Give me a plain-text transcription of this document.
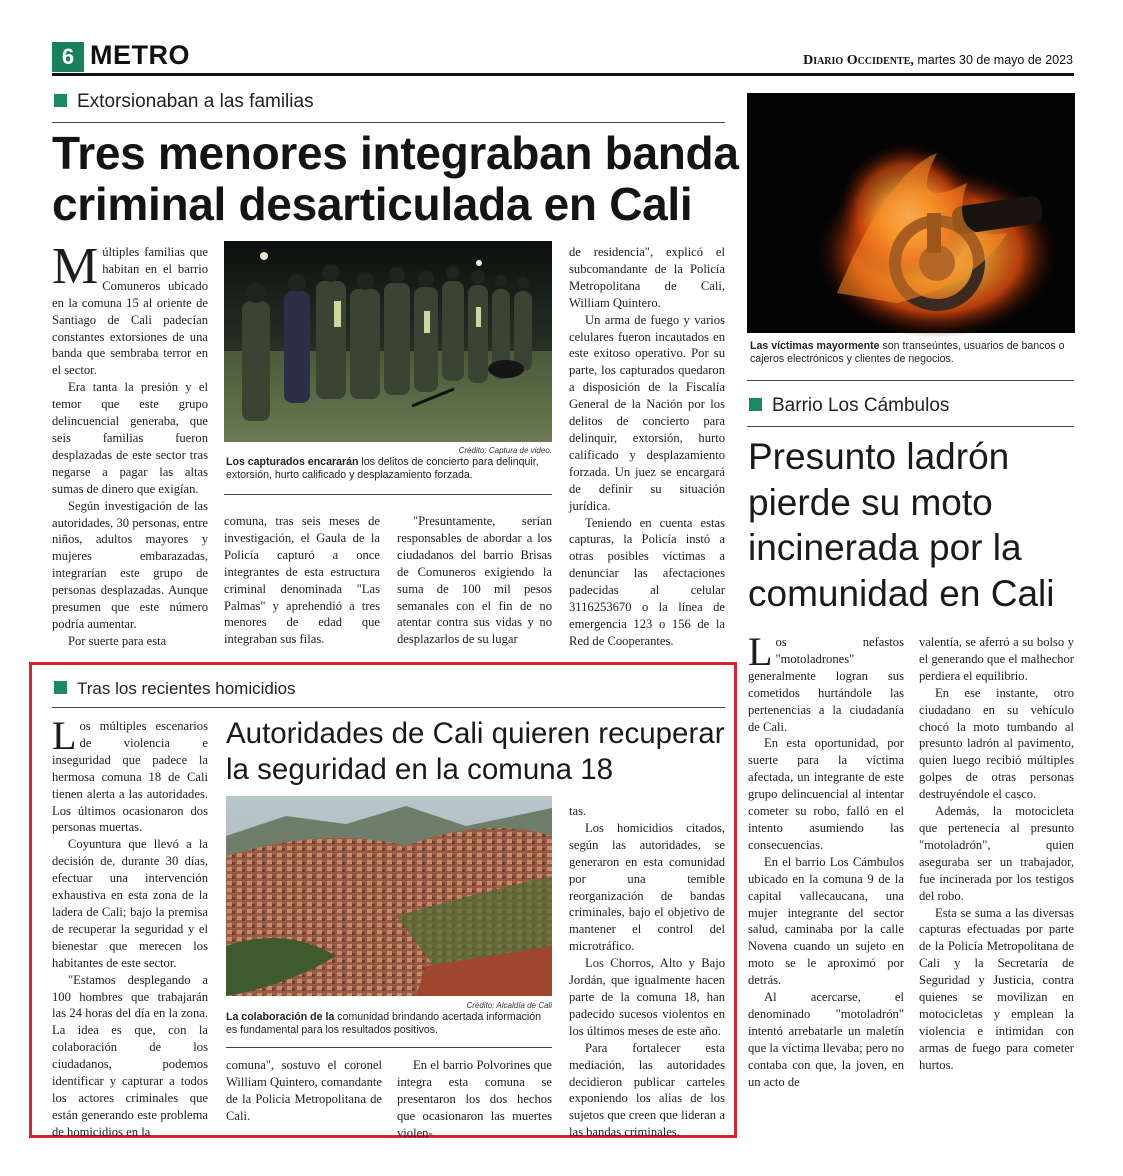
6 METRO	Diario Occidente, martes 30 de mayo de 2023
Extorsionaban a las familias
Tres menores integraban banda
criminal desarticulada en Cali
Crédito: Captura de video.
Los capturados encararán los delitos de concierto para delinquir, extorsión, hurto calificado y desplazamiento forzada.

Múltiples familias que habitan en el barrio Comuneros ubicado en la comuna 15 al oriente de Santiago de Cali padecían constantes extorsiones de una banda que sembraba terror en el sector.

Era tanta la presión y el temor que este grupo delincuencial generaba, que seis familias fueron desplazadas de este sector tras negarse a pagar las altas sumas de dinero que exigían.

Según investigación de las autoridades, 30 personas, entre niños, adultos mayores y mujeres embarazadas, integrarían este grupo de personas desplazadas. Aunque presumen que este número podría aumentar.

Por suerte para esta

comuna, tras seis meses de investigación, el Gaula de la Policía capturó a once integrantes de esta estructura criminal denominada "Las Palmas" y aprehendió a tres menores de edad que integraban sus filas.

"Presuntamente, serían responsables de abordar a los ciudadanos del barrio Brisas de Comuneros exigiendo la suma de 100 mil pesos semanales con el fin de no atentar contra sus vidas y no desplazarlos de su lugar

de residencia", explicó el subcomandante de la Policía Metropolitana de Cali, William Quintero.

Un arma de fuego y varios celulares fueron incautados en este exitoso operativo. Por su parte, los capturados quedaron a disposición de la Fiscalía General de la Nación por los delitos de concierto para delinquir, extorsión, hurto calificado y desplazamiento forzada. Un juez se encargará de definir su situación jurídica.

Teniendo en cuenta estas capturas, la Policía instó a otras posibles víctimas a denunciar las afectaciones padecidas al celular 3116253670 o la línea de emergencia 123 o 156 de la Red de Cooperantes.

Las víctimas mayormente son transeúntes, usuarios de bancos o cajeros electrónicos y clientes de negocios.
Barrio Los Cámbulos
Presunto ladrón
pierde su moto
incinerada por la
comunidad en Cali

Los nefastos "motoladrones" generalmente logran sus cometidos hurtándole las pertenencias a la ciudadanía de Cali.

En esta oportunidad, por suerte para la víctima afectada, un integrante de este grupo delincuencial al intentar cometer su robo, falló en el intento asumiendo las consecuencias.

En el barrio Los Cámbulos ubicado en la comuna 9 de la capital vallecaucana, una mujer integrante del sector salud, caminaba por la calle Novena cuando un sujeto en moto se le aproximó por detrás.

Al acercarse, el denominado "motoladrón" intentó arrebatarle un maletín que la víctima llevaba; pero no contaba con que, la joven, en un acto de

valentía, se aferró a su bolso y el generando que el malhechor perdiera el equilibrio.

En ese instante, otro ciudadano en su vehículo chocó la moto tumbando al presunto ladrón al pavimento, quien luego recibió múltiples golpes de otras personas destruyéndole el casco.

Además, la motocicleta que pertenecía al presunto "motoladrón", quien aseguraba ser un trabajador, fue incinerada por los testigos del robo.

Esta se suma a las diversas capturas efectuadas por parte de la Policía Metropolitana de Cali y la Secretaría de Seguridad y Justicia, contra quienes se movilizan en motocicletas y emplean la violencia e intimidan con armas de fuego para cometer hurtos.

Tras los recientes homicidios
Autoridades de Cali quieren recuperar
la seguridad en la comuna 18
Crédito: Alcaldía de Cali
La colaboración de la comunidad brindando acertada información es fundamental para los resultados positivos.

Los múltiples escenarios de violencia e inseguridad que padece la hermosa comuna 18 de Cali tienen alerta a las autoridades. Los últimos ocasionaron dos personas muertas.

Coyuntura que llevó a la decisión de, durante 30 días, efectuar una intervención exhaustiva en esta zona de la ladera de Cali; bajo la premisa de recuperar la seguridad y el bienestar que merecen los habitantes de este sector.

"Estamos desplegando a 100 hombres que trabajarán las 24 horas del día en la zona. La idea es que, con la colaboración de los ciudadanos, podemos identificar y capturar a todos los actores criminales que están generando este problema de homicidios en la

comuna", sostuvo el coronel William Quintero, comandante de la Policía Metropolitana de Cali.

En el barrio Polvorines que integra esta comuna se presentaron los dos hechos que ocasionaron las muertes violen-

tas.

Los homicidios citados, según las autoridades, se generaron en esta comunidad por una temible reorganización de bandas criminales, bajo el objetivo de mantener el control del microtráfico.

Los Chorros, Alto y Bajo Jordán, que igualmente hacen parte de la comuna 18, han padecido sucesos violentos en los últimos meses de este año.

Para fortalecer esta mediación, las autoridades decidieron publicar carteles exponiendo los alias de los sujetos que creen que lideran a las bandas criminales.
